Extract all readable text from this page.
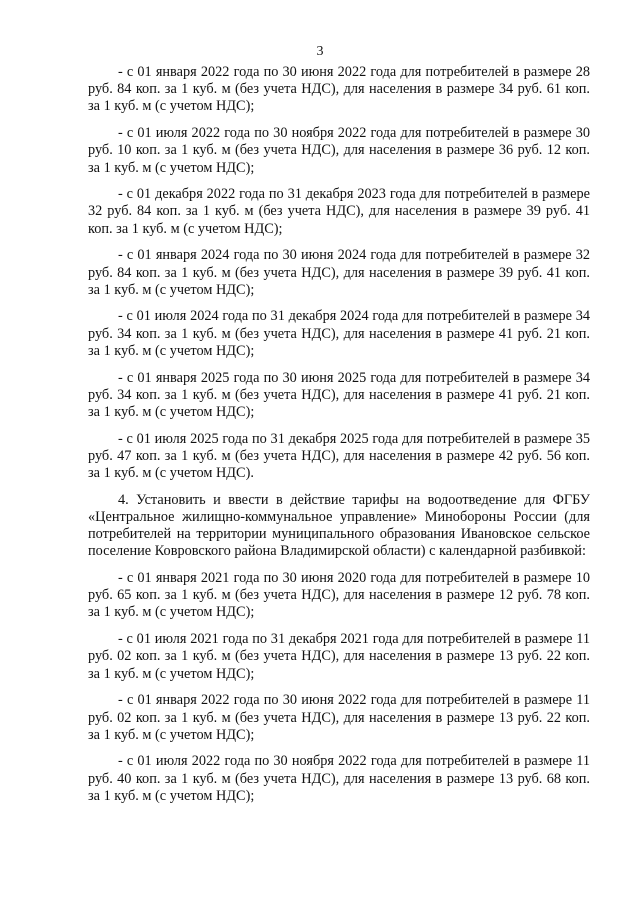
3

- с 01 января 2022 года по 30 июня 2022 года для потребителей в размере 28 руб. 84 коп. за 1 куб. м (без учета НДС), для населения в размере 34 руб. 61 коп. за 1 куб. м (с учетом НДС);

- с 01 июля 2022 года по 30 ноября 2022 года для потребителей в размере 30 руб. 10 коп. за 1 куб. м (без учета НДС), для населения в размере 36 руб. 12 коп. за 1 куб. м (с учетом НДС);

- с 01 декабря 2022 года по 31 декабря 2023 года для потребителей в размере 32 руб. 84 коп. за 1 куб. м (без учета НДС), для населения в размере 39 руб. 41 коп. за 1 куб. м (с учетом НДС);

- с 01 января 2024 года по 30 июня 2024 года для потребителей в размере 32 руб. 84 коп. за 1 куб. м (без учета НДС), для населения в размере 39 руб. 41 коп. за 1 куб. м (с учетом НДС);

- с 01 июля 2024 года по 31 декабря 2024 года для потребителей в размере 34 руб. 34 коп. за 1 куб. м (без учета НДС), для населения в размере 41 руб. 21 коп. за 1 куб. м (с учетом НДС);

- с 01 января 2025 года по 30 июня 2025 года для потребителей в размере 34 руб. 34 коп. за 1 куб. м (без учета НДС), для населения в размере 41 руб. 21 коп. за 1 куб. м (с учетом НДС);

- с 01 июля 2025 года по 31 декабря 2025 года для потребителей в размере 35 руб. 47 коп. за 1 куб. м (без учета НДС), для населения в размере 42 руб. 56 коп. за 1 куб. м (с учетом НДС).

4. Установить и ввести в действие тарифы на водоотведение для ФГБУ «Центральное жилищно-коммунальное управление» Минобороны России (для потребителей на территории муниципального образования Ивановское сельское поселение Ковровского района Владимирской области) с календарной разбивкой:

- с 01 января 2021 года по 30 июня 2020 года для потребителей в размере 10 руб. 65 коп. за 1 куб. м (без учета НДС), для населения в размере 12 руб. 78 коп. за 1 куб. м (с учетом НДС);

- с 01 июля 2021 года по 31 декабря 2021 года для потребителей в размере 11 руб. 02 коп. за 1 куб. м (без учета НДС), для населения в размере 13 руб. 22 коп. за 1 куб. м (с учетом НДС);

- с 01 января 2022 года по 30 июня 2022 года для потребителей в размере 11 руб. 02 коп. за 1 куб. м (без учета НДС), для населения в размере 13 руб. 22 коп. за 1 куб. м (с учетом НДС);

- с 01 июля 2022 года по 30 ноября 2022 года для потребителей в размере 11 руб. 40 коп. за 1 куб. м (без учета НДС), для населения в размере 13 руб. 68 коп. за 1 куб. м (с учетом НДС);
